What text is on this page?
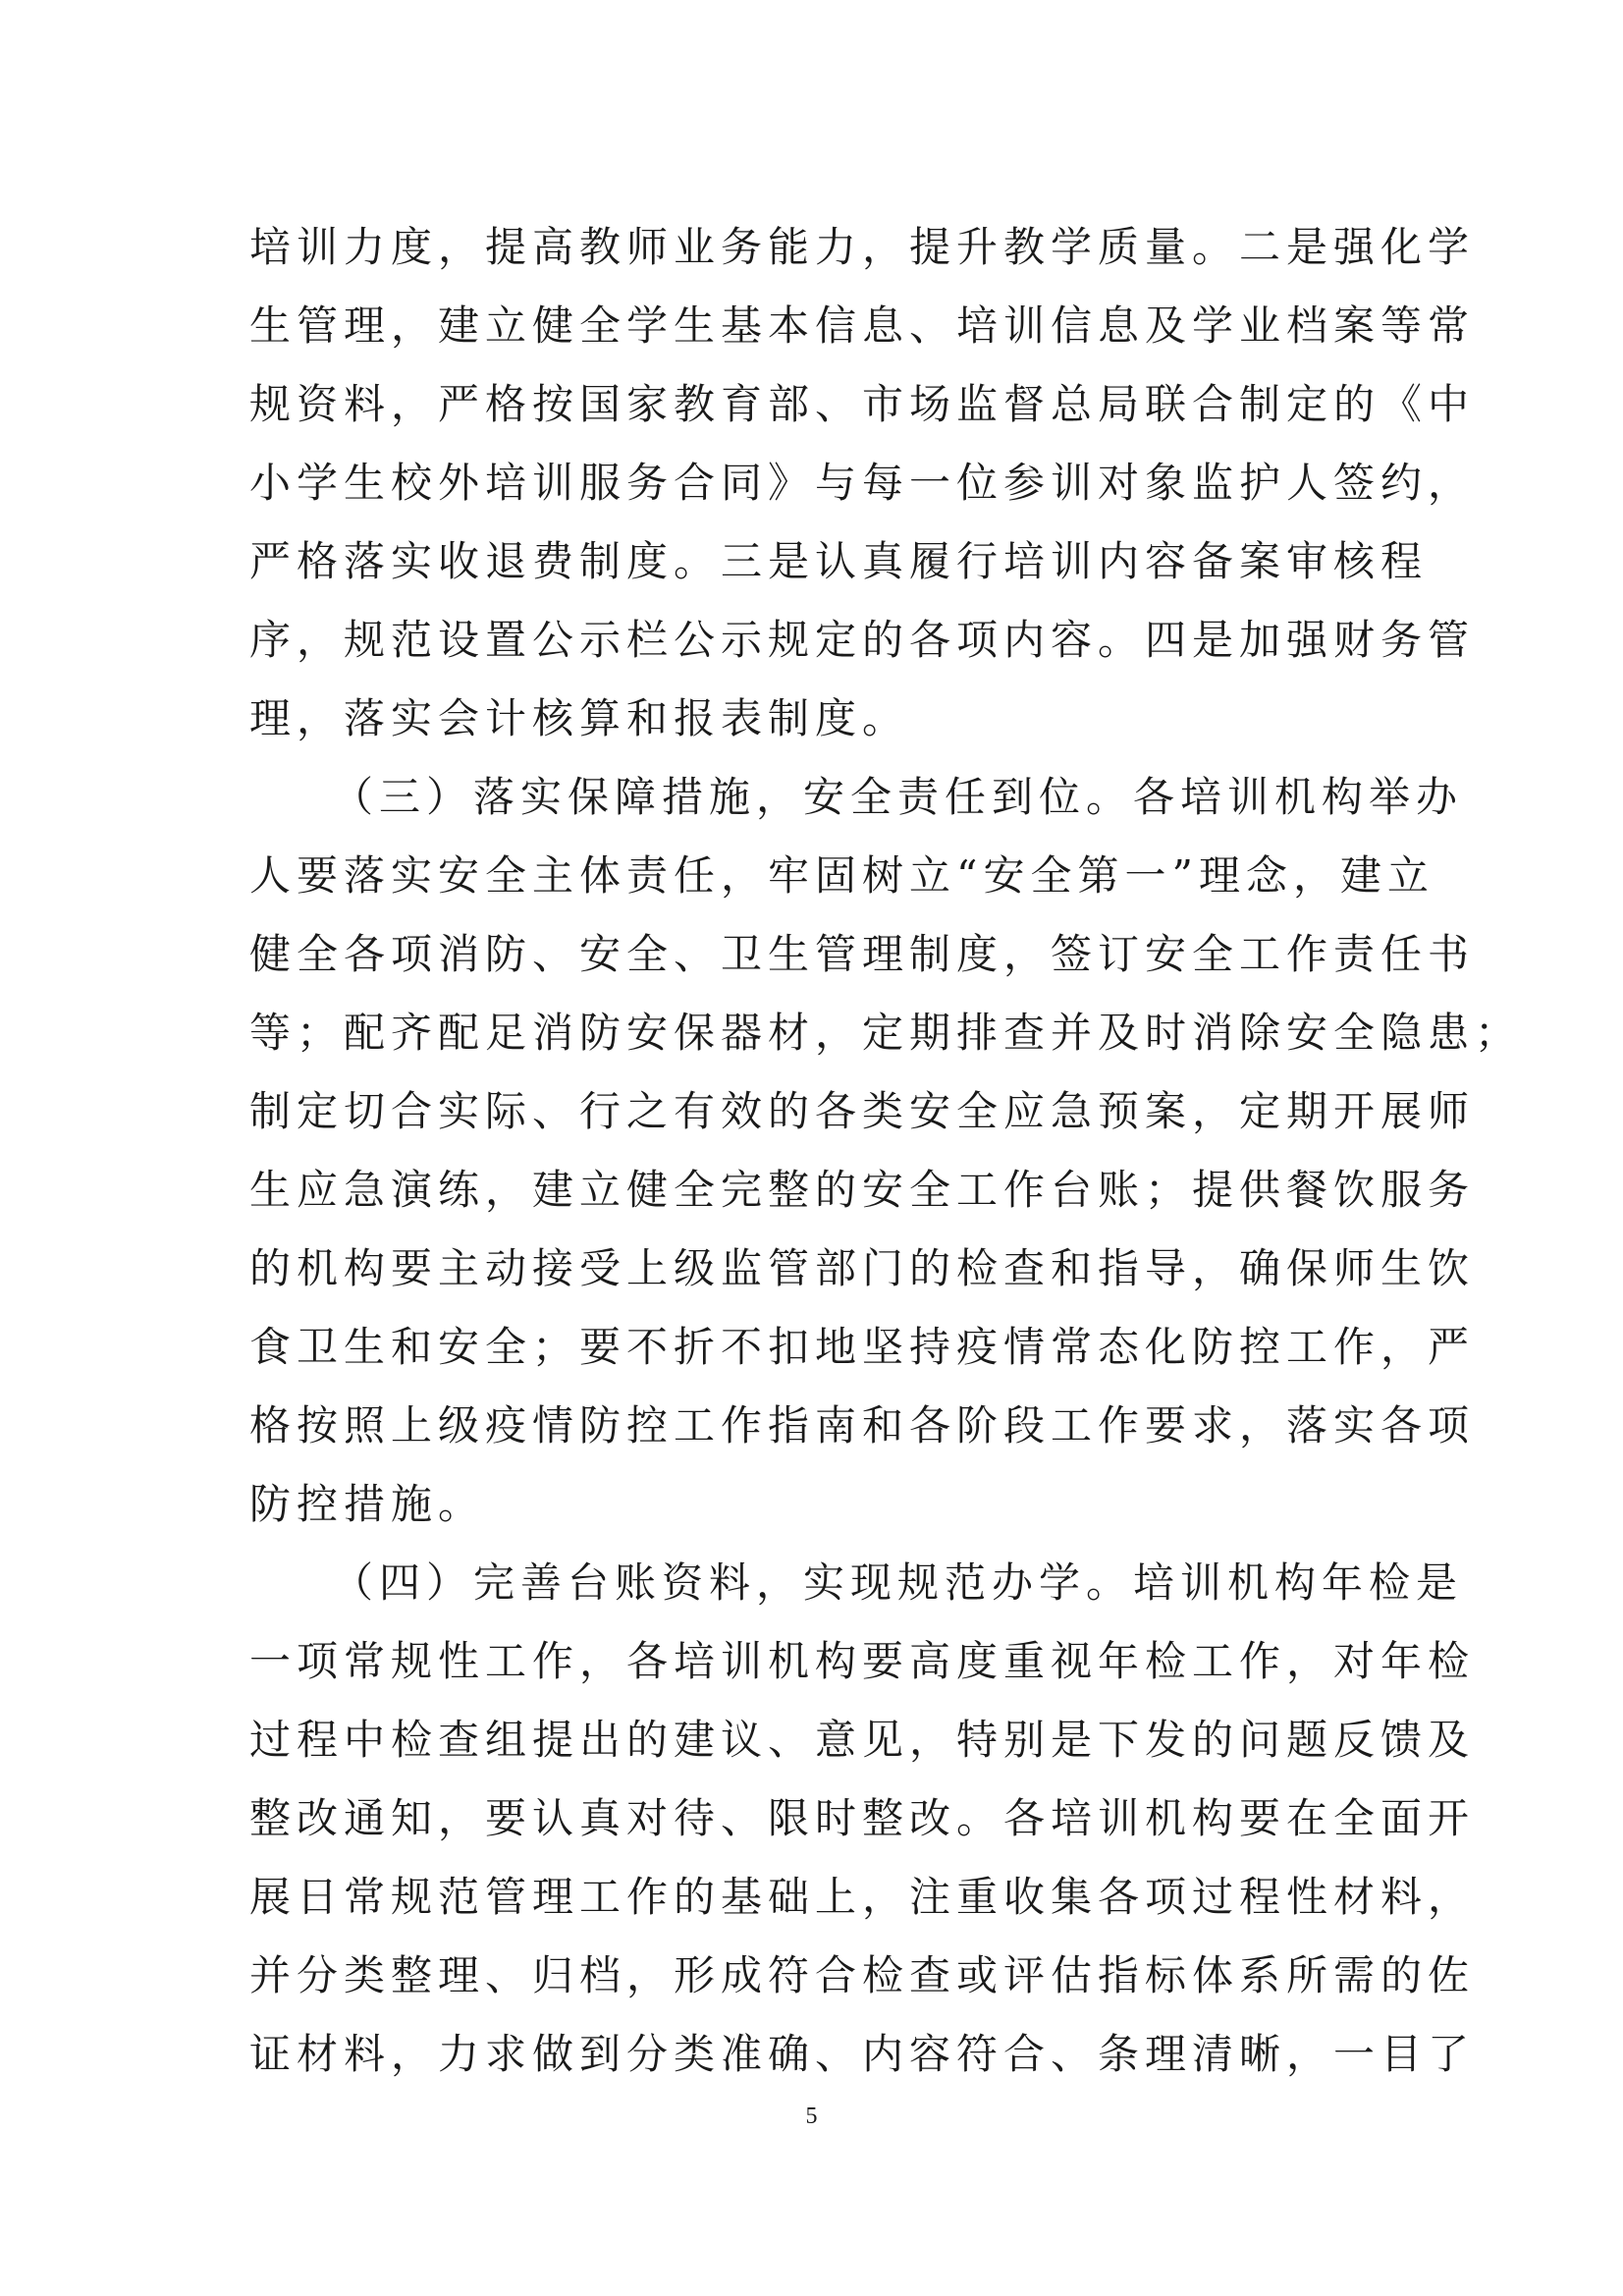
培训力度，提高教师业务能力，提升教学质量。二是强化学
生管理，建立健全学生基本信息、培训信息及学业档案等常
规资料，严格按国家教育部、市场监督总局联合制定的《中
小学生校外培训服务合同》与每一位参训对象监护人签约，
严格落实收退费制度。三是认真履行培训内容备案审核程
序，规范设置公示栏公示规定的各项内容。四是加强财务管
理，落实会计核算和报表制度。
（三）落实保障措施，安全责任到位。各培训机构举办
人要落实安全主体责任，牢固树立“安全第一”理念，建立
健全各项消防、安全、卫生管理制度，签订安全工作责任书
等；配齐配足消防安保器材，定期排查并及时消除安全隐患；
制定切合实际、行之有效的各类安全应急预案，定期开展师
生应急演练，建立健全完整的安全工作台账；提供餐饮服务
的机构要主动接受上级监管部门的检查和指导，确保师生饮
食卫生和安全；要不折不扣地坚持疫情常态化防控工作，严
格按照上级疫情防控工作指南和各阶段工作要求，落实各项
防控措施。
（四）完善台账资料，实现规范办学。培训机构年检是
一项常规性工作，各培训机构要高度重视年检工作，对年检
过程中检查组提出的建议、意见，特别是下发的问题反馈及
整改通知，要认真对待、限时整改。各培训机构要在全面开
展日常规范管理工作的基础上，注重收集各项过程性材料，
并分类整理、归档，形成符合检查或评估指标体系所需的佐
证材料，力求做到分类准确、内容符合、条理清晰，一目了
5
